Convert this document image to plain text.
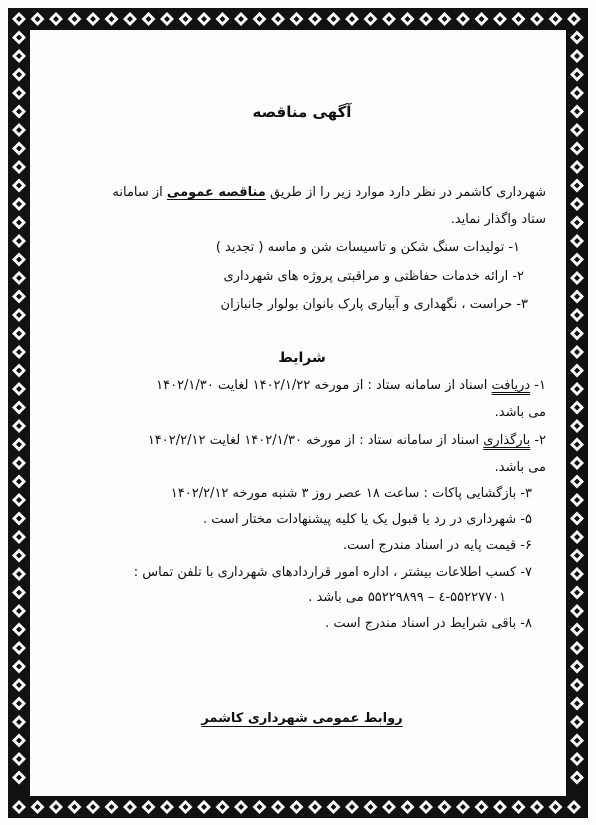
آگهی مناقصه
شهرداری کاشمر در نظر دارد موارد زیر را از طریق مناقصه عمومی از سامانه
ستاد واگذار نماید.
۱- تولیدات سنگ شکن و تاسیسات شن و ماسه ( تجدید )
۲- ارائه خدمات حفاظتی و مراقبتی پروژه های شهرداری
۳- حراست ، نگهداری و آبیاری پارک بانوان بولوار جانبازان
شرایط
۱- دریافت اسناد از سامانه ستاد : از مورخه ۱۴۰۲/۱/۲۲ لغایت ۱۴۰۲/۱/۳۰
می باشد.
۲- بارگذاری اسناد از سامانه ستاد : از مورخه ۱۴۰۲/۱/۳۰ لغایت ۱۴۰۲/۲/۱۲
می باشد.
۳- بازگشایی پاکات : ساعت ۱۸ عصر روز ۳ شنبه مورخه ۱۴۰۲/۲/۱۲
۵- شهرداری در رد یا قبول یک یا کلیه پیشنهادات مختار است .
۶- قیمت پایه در اسناد مندرج است.
۷- کسب اطلاعات بیشتر ، اداره امور قراردادهای شهرداری با تلفن تماس :
۵۵۲۲۷۷۰۱-٤ – ۵۵۲۲۹۸۹۹ می باشد .
۸- باقی شرایط در اسناد مندرج است .
روابط عمومی شهرداری کاشمر
